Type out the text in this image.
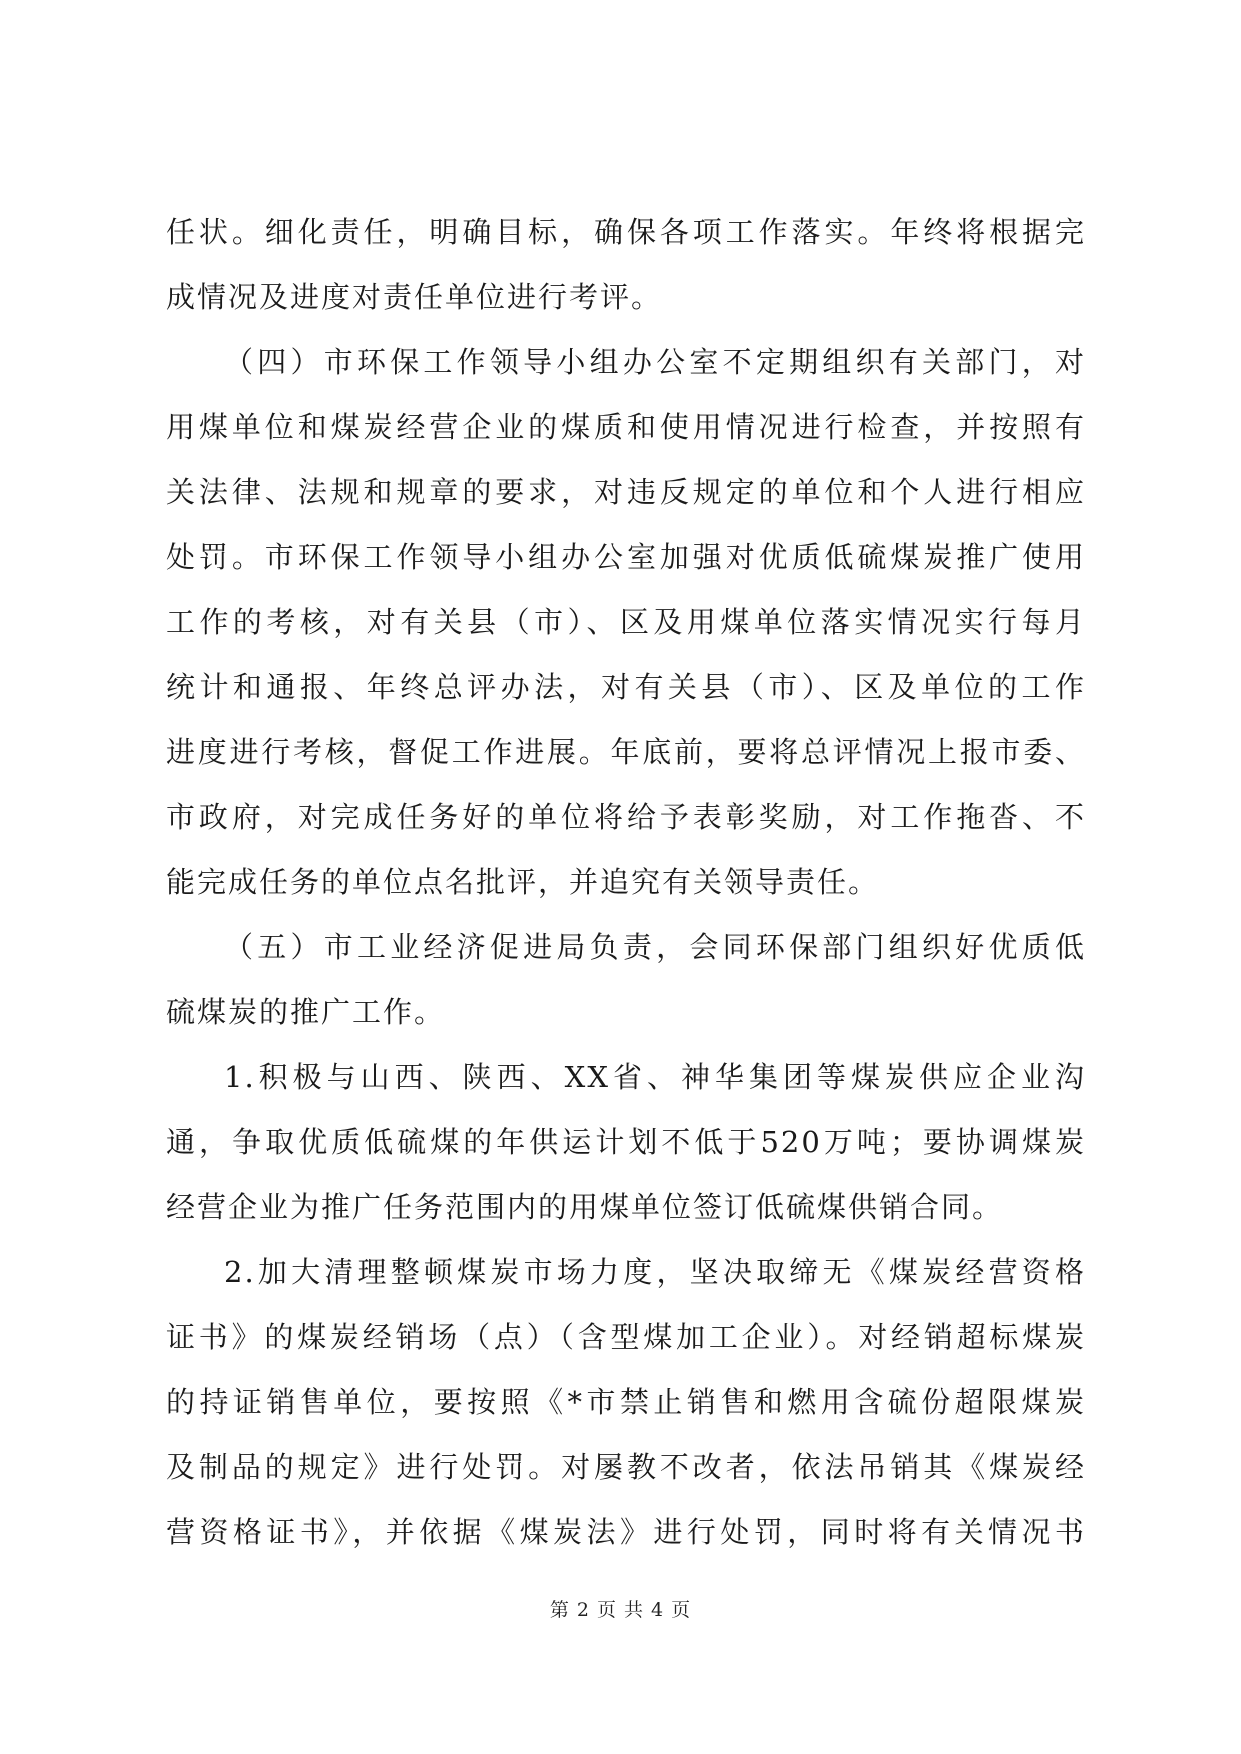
任状。细化责任，明确目标，确保各项工作落实。年终将根据完
成情况及进度对责任单位进行考评。
（四）市环保工作领导小组办公室不定期组织有关部门，对
用煤单位和煤炭经营企业的煤质和使用情况进行检查，并按照有
关法律、法规和规章的要求，对违反规定的单位和个人进行相应
处罚。市环保工作领导小组办公室加强对优质低硫煤炭推广使用
工作的考核，对有关县（市）、区及用煤单位落实情况实行每月
统计和通报、年终总评办法，对有关县（市）、区及单位的工作
进度进行考核，督促工作进展。年底前，要将总评情况上报市委、
市政府，对完成任务好的单位将给予表彰奖励，对工作拖沓、不
能完成任务的单位点名批评，并追究有关领导责任。
（五）市工业经济促进局负责，会同环保部门组织好优质低
硫煤炭的推广工作。
1.积极与山西、陕西、XX省、神华集团等煤炭供应企业沟
通，争取优质低硫煤的年供运计划不低于520万吨；要协调煤炭
经营企业为推广任务范围内的用煤单位签订低硫煤供销合同。
2.加大清理整顿煤炭市场力度，坚决取缔无《煤炭经营资格
证书》的煤炭经销场（点）（含型煤加工企业）。对经销超标煤炭
的持证销售单位，要按照《*市禁止销售和燃用含硫份超限煤炭
及制品的规定》进行处罚。对屡教不改者，依法吊销其《煤炭经
营资格证书》，并依据《煤炭法》进行处罚，同时将有关情况书
第 2 页 共 4 页
